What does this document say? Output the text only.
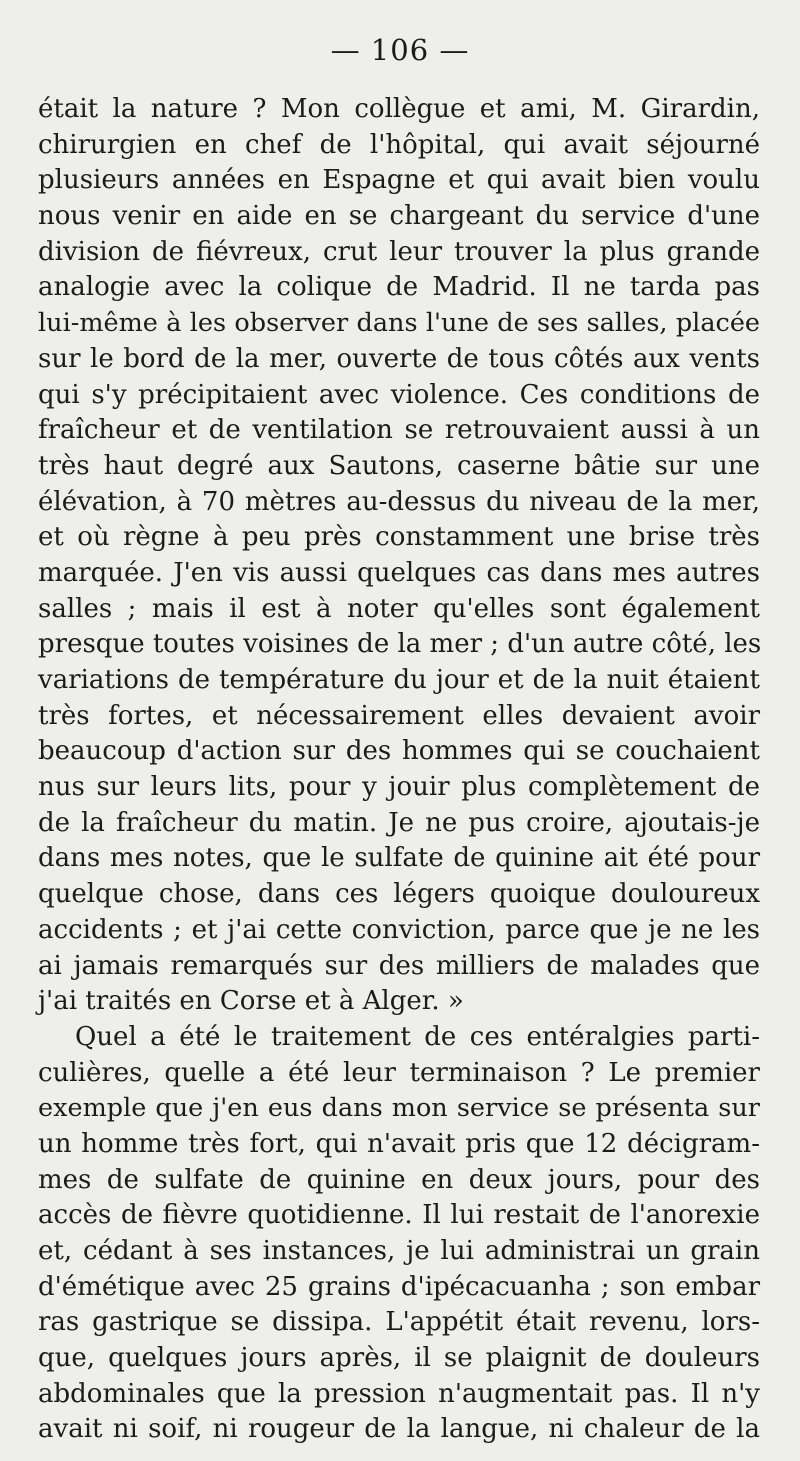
— 106 —
était la nature ? Mon collègue et ami, M. Girardin,
chirurgien en chef de l'hôpital, qui avait séjourné
plusieurs années en Espagne et qui avait bien voulu
nous venir en aide en se chargeant du service d'une
division de fiévreux, crut leur trouver la plus grande
analogie avec la colique de Madrid. Il ne tarda pas
lui-même à les observer dans l'une de ses salles, placée
sur le bord de la mer, ouverte de tous côtés aux vents
qui s'y précipitaient avec violence. Ces conditions de
fraîcheur et de ventilation se retrouvaient aussi à un
très haut degré aux Sautons, caserne bâtie sur une
élévation, à 70 mètres au-dessus du niveau de la mer,
et où règne à peu près constamment une brise très
marquée. J'en vis aussi quelques cas dans mes autres
salles ; mais il est à noter qu'elles sont également
presque toutes voisines de la mer ; d'un autre côté, les
variations de température du jour et de la nuit étaient
très fortes, et nécessairement elles devaient avoir
beaucoup d'action sur des hommes qui se couchaient
nus sur leurs lits, pour y jouir plus complètement de
de la fraîcheur du matin. Je ne pus croire, ajoutais-je
dans mes notes, que le sulfate de quinine ait été pour
quelque chose, dans ces légers quoique douloureux
accidents ; et j'ai cette conviction, parce que je ne les
ai jamais remarqués sur des milliers de malades que
j'ai traités en Corse et à Alger. »
Quel a été le traitement de ces entéralgies parti-
culières, quelle a été leur terminaison ? Le premier
exemple que j'en eus dans mon service se présenta sur
un homme très fort, qui n'avait pris que 12 décigram-
mes de sulfate de quinine en deux jours, pour des
accès de fièvre quotidienne. Il lui restait de l'anorexie
et, cédant à ses instances, je lui administrai un grain
d'émétique avec 25 grains d'ipécacuanha ; son embar
ras gastrique se dissipa. L'appétit était revenu, lors-
que, quelques jours après, il se plaignit de douleurs
abdominales que la pression n'augmentait pas. Il n'y
avait ni soif, ni rougeur de la langue, ni chaleur de la
